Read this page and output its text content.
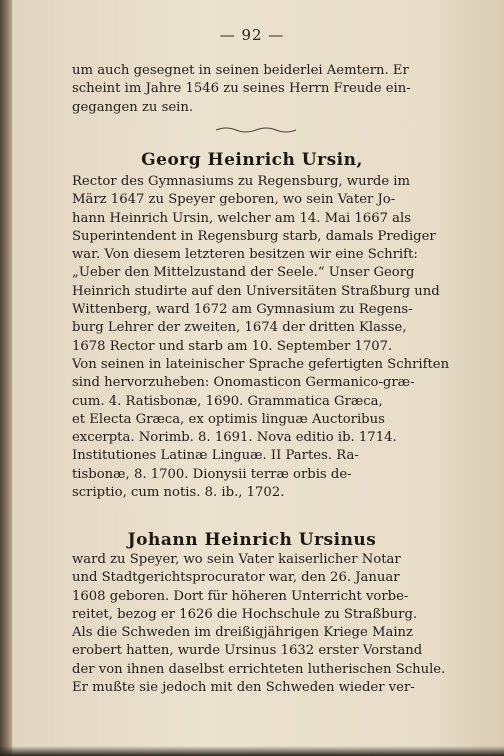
— 92 —
um auch gesegnet in seinen beiderlei Aemtern. Er
scheint im Jahre 1546 zu seines Herrn Freude ein-
gegangen zu sein.
Georg Heinrich Ursin,
Rector des Gymnasiums zu Regensburg, wurde im
März 1647 zu Speyer geboren, wo sein Vater Jo-
hann Heinrich Ursin, welcher am 14. Mai 1667 als
Superintendent in Regensburg starb, damals Prediger
war. Von diesem letzteren besitzen wir eine Schrift:
„Ueber den Mittelzustand der Seele.“ Unser Georg
Heinrich studirte auf den Universitäten Straßburg und
Wittenberg, ward 1672 am Gymnasium zu Regens-
burg Lehrer der zweiten, 1674 der dritten Klasse,
1678 Rector und starb am 10. September 1707.
Von seinen in lateinischer Sprache gefertigten Schriften
sind hervorzuheben: Onomasticon Germanico-græ-
cum. 4. Ratisbonæ, 1690. Grammatica Græca,
et Electa Græca, ex optimis linguæ Auctoribus
excerpta. Norimb. 8. 1691. Nova editio ib. 1714.
Institutiones Latinæ Linguæ. II Partes. Ra-
tisbonæ, 8. 1700. Dionysii terræ orbis de-
scriptio, cum notis. 8. ib., 1702.
Johann Heinrich Ursinus
ward zu Speyer, wo sein Vater kaiserlicher Notar
und Stadtgerichtsprocurator war, den 26. Januar
1608 geboren. Dort für höheren Unterricht vorbe-
reitet, bezog er 1626 die Hochschule zu Straßburg.
Als die Schweden im dreißigjährigen Kriege Mainz
erobert hatten, wurde Ursinus 1632 erster Vorstand
der von ihnen daselbst errichteten lutherischen Schule.
Er mußte sie jedoch mit den Schweden wieder ver-
